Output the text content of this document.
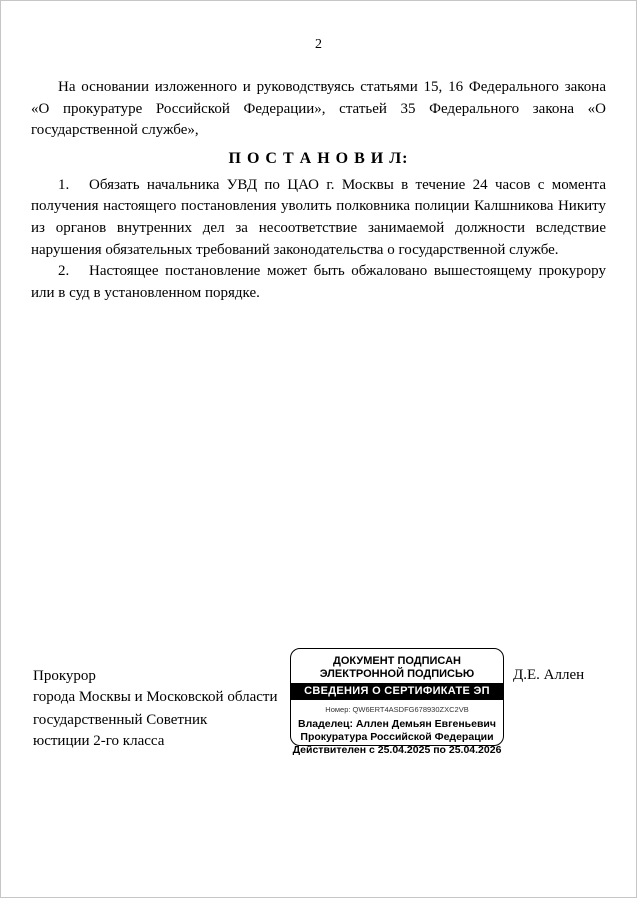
2

На основании изложенного и руководствуясь статьями 15, 16 Федерального закона «О прокуратуре Российской Федерации», статьей 35 Федерального закона «О государственной службе»,

П О С Т А Н О В И Л:

1. Обязать начальника УВД по ЦАО г. Москвы в течение 24 часов с момента получения настоящего постановления уволить полковника полиции Калшникова Никиту из органов внутренних дел за несоответствие занимаемой должности вследствие нарушения обязательных требований законодательства о государственной службе.

2. Настоящее постановление может быть обжаловано вышестоящему прокурору или в суд в установленном порядке.

Прокурор
города Москвы и Московской области
государственный Советник
юстиции 2-го класса
ДОКУМЕНТ ПОДПИСАН
ЭЛЕКТРОННОЙ ПОДПИСЬЮ
СВЕДЕНИЯ О СЕРТИФИКАТЕ ЭП
Номер: QW6ERT4ASDFG678930ZXC2VB
Владелец: Аллен Демьян Евгеньевич
Прокуратура Российской Федерации
Действителен с 25.04.2025 по 25.04.2026
Д.Е. Аллен
